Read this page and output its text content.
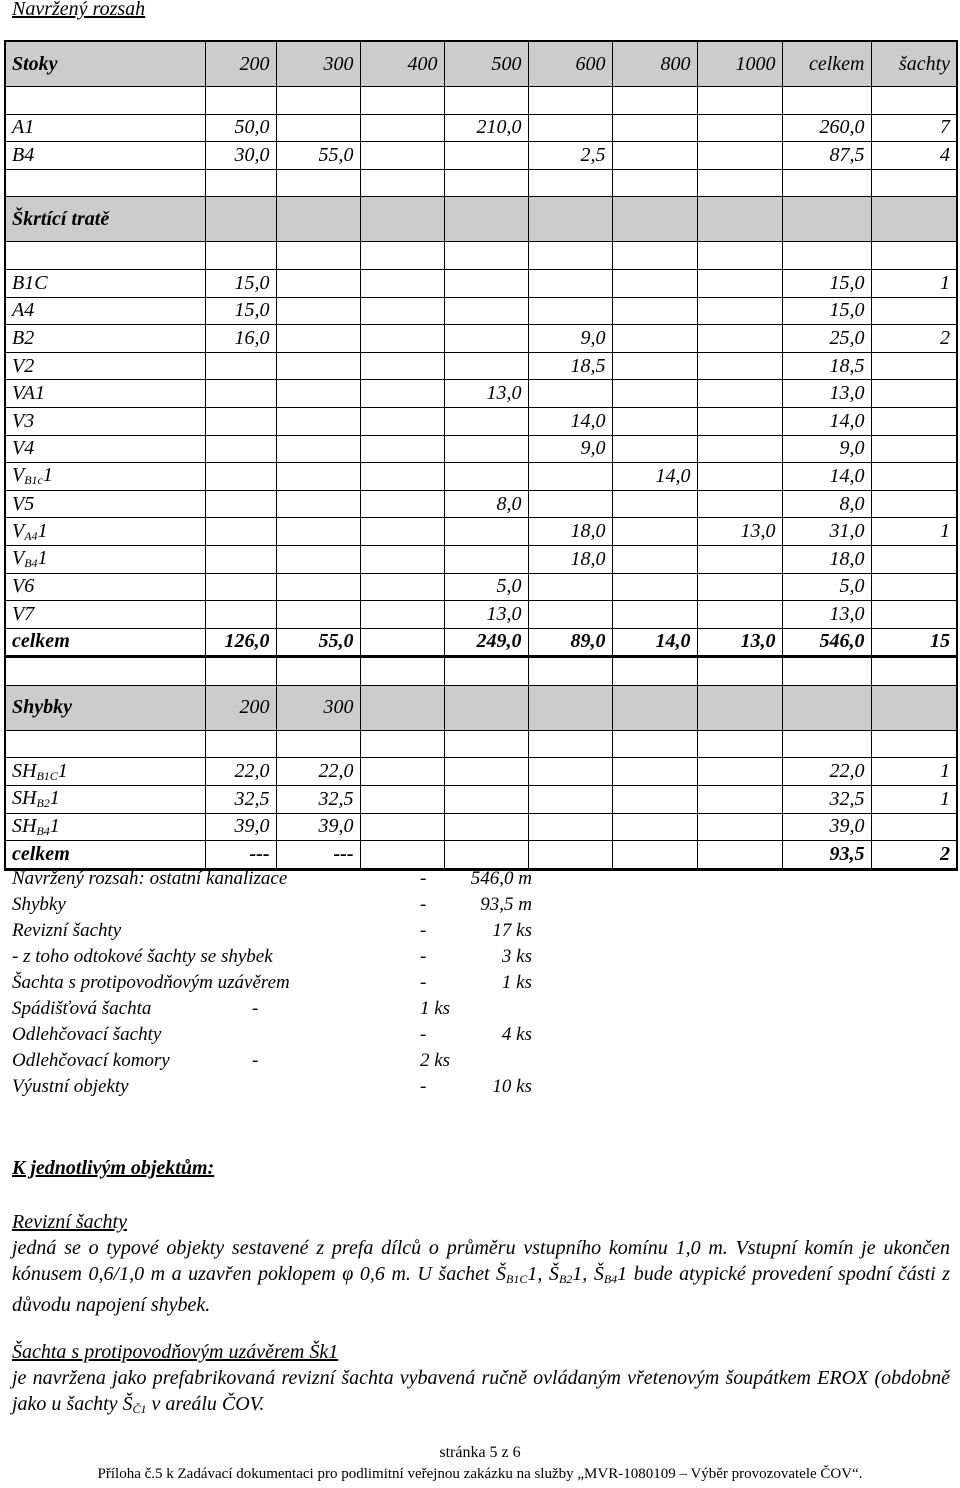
Navržený rozsah
Stoky	200	300	400	500	600	800	1000	celkem	šachty

A1	50,0			210,0				260,0	7
B4	30,0	55,0			2,5			87,5	4

Škrtící tratě									

B1C	15,0							15,0	1
A4	15,0							15,0	
B2	16,0				9,0			25,0	2
V2					18,5			18,5	
VA1				13,0				13,0	
V3					14,0			14,0	
V4					9,0			9,0	
$V_{B1c}1$						14,0		14,0	
V5				8,0				8,0	
$V_{A4}1$					18,0		13,0	31,0	1
$V_{B4}1$					18,0			18,0	
V6				5,0				5,0	
V7				13,0				13,0	
celkem	126,0	55,0		249,0	89,0	14,0	13,0	546,0	15

Shybky	200	300							

$SH_{B1C}1$	22,0	22,0						22,0	1
$SH_{B2}1$	32,5	32,5						32,5	1
$SH_{B4}1$	39,0	39,0						39,0	
celkem	---	---						93,5	2
Navržený rozsah: ostatní kanalizace	-	546,0 m
Shybky	-	93,5 m
Revizní šachty	-	17 ks
- z toho odtokové šachty se shybek	-	3 ks
Šachta s protipovodňovým uzávěrem	-	1 ks
Spádišťová šachta	-	1 ks
Odlehčovací šachty	-	4 ks
Odlehčovací komory	-	2 ks
Výustní objekty	-	10 ks
K jednotlivým objektům:
Revizní šachty
jedná se o typové objekty sestavené z prefa dílců o průměru vstupního komínu 1,0 m. Vstupní komín je ukončen kónusem 0,6/1,0 m a uzavřen poklopem φ 0,6 m. U šachet $Š_{B1C}1$, $Š_{B2}1$, $Š_{B4}1$ bude atypické provedení spodní části z důvodu napojení shybek.
Šachta s protipovodňovým uzávěrem Šk1
je navržena jako prefabrikovaná revizní šachta vybavená ručně ovládaným vřetenovým šoupátkem EROX (obdobně jako u šachty $Š_{Č1}$ v areálu ČOV.
stránka 5 z 6
Příloha č.5 k Zadávací dokumentaci pro podlimitní veřejnou zakázku na služby „MVR-1080109 – Výběr provozovatele ČOV“.
